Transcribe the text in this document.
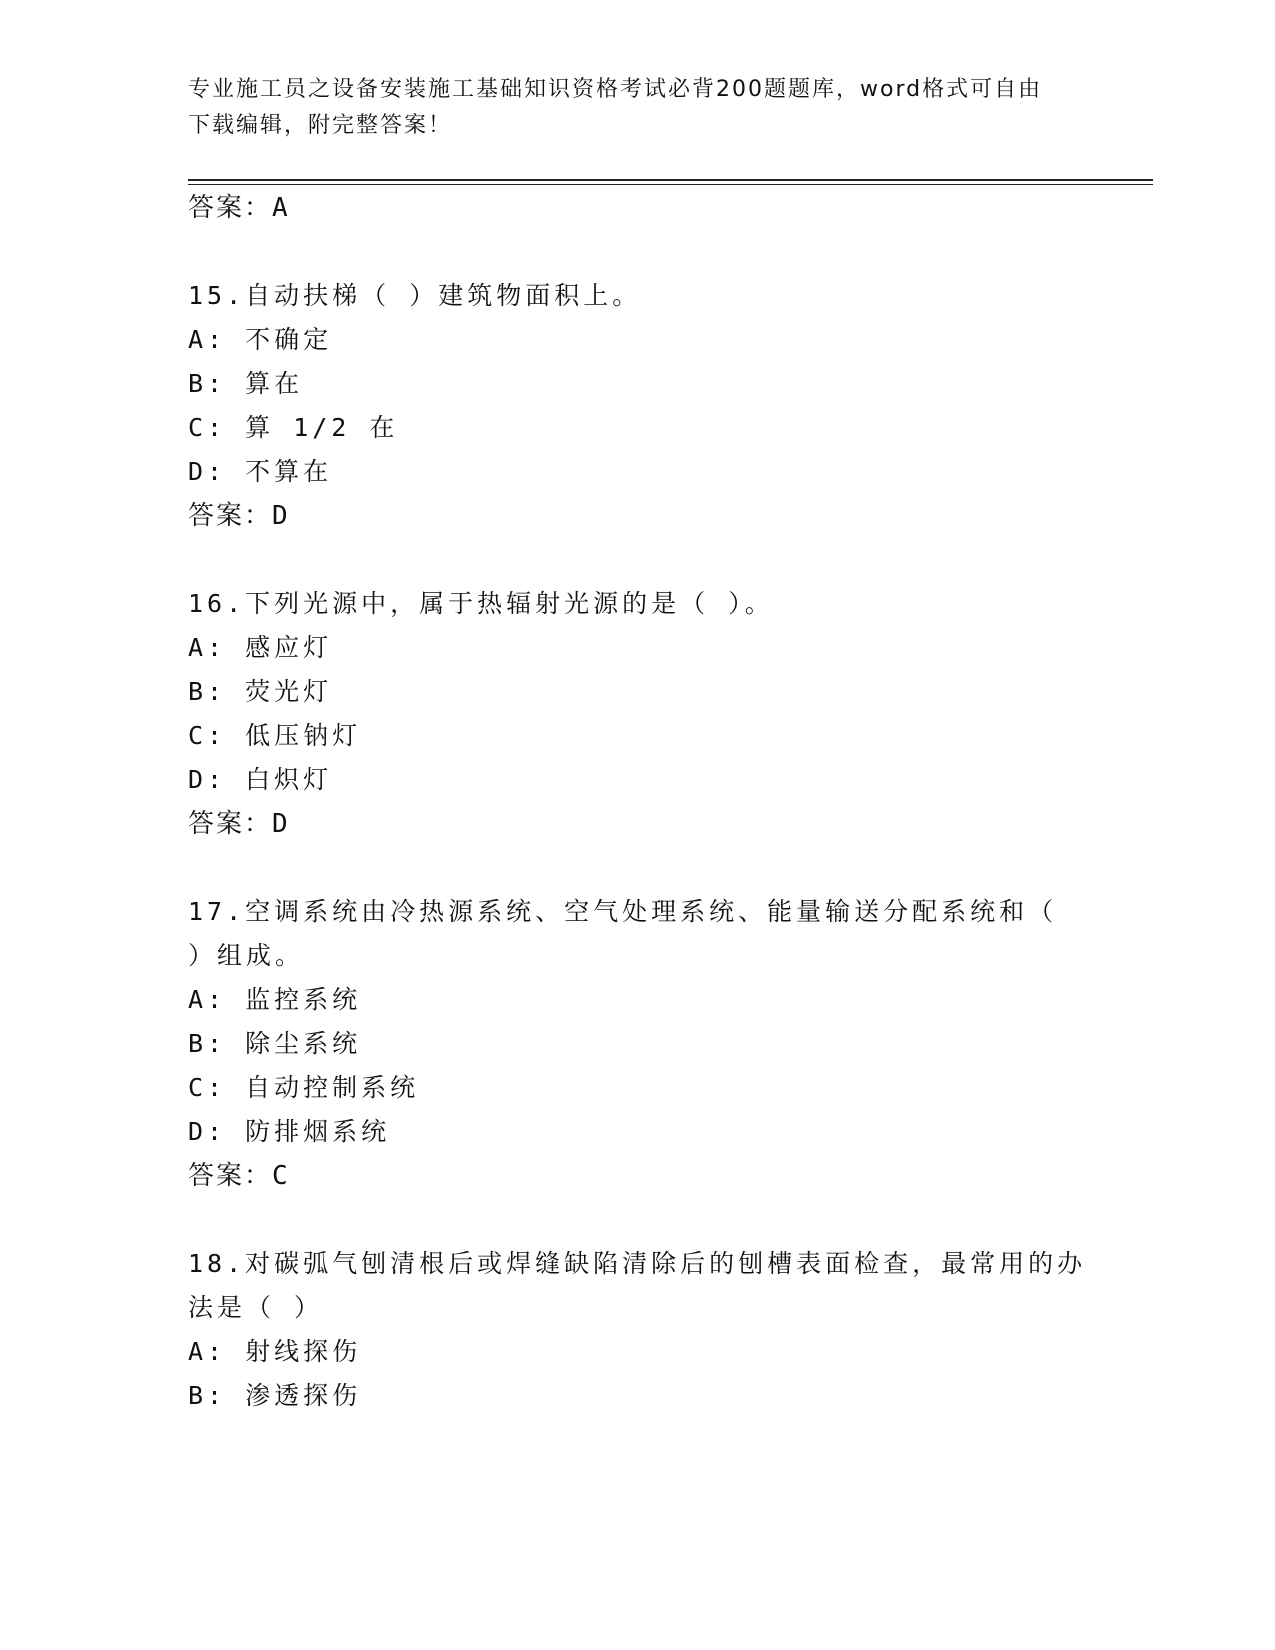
专业施工员之设备安装施工基础知识资格考试必背200题题库，word格式可自由
下载编辑，附完整答案！
答案：A
15.自动扶梯（ ）建筑物面积上。
A: 不确定
B: 算在
C: 算 1/2 在
D: 不算在
答案：D
16.下列光源中，属于热辐射光源的是（ ）。
A: 感应灯
B: 荧光灯
C: 低压钠灯
D: 白炽灯
答案：D
17.空调系统由冷热源系统、空气处理系统、能量输送分配系统和（
）组成。
A: 监控系统
B: 除尘系统
C: 自动控制系统
D: 防排烟系统
答案：C
18.对碳弧气刨清根后或焊缝缺陷清除后的刨槽表面检查，最常用的办
法是（ ）
A: 射线探伤
B: 渗透探伤
